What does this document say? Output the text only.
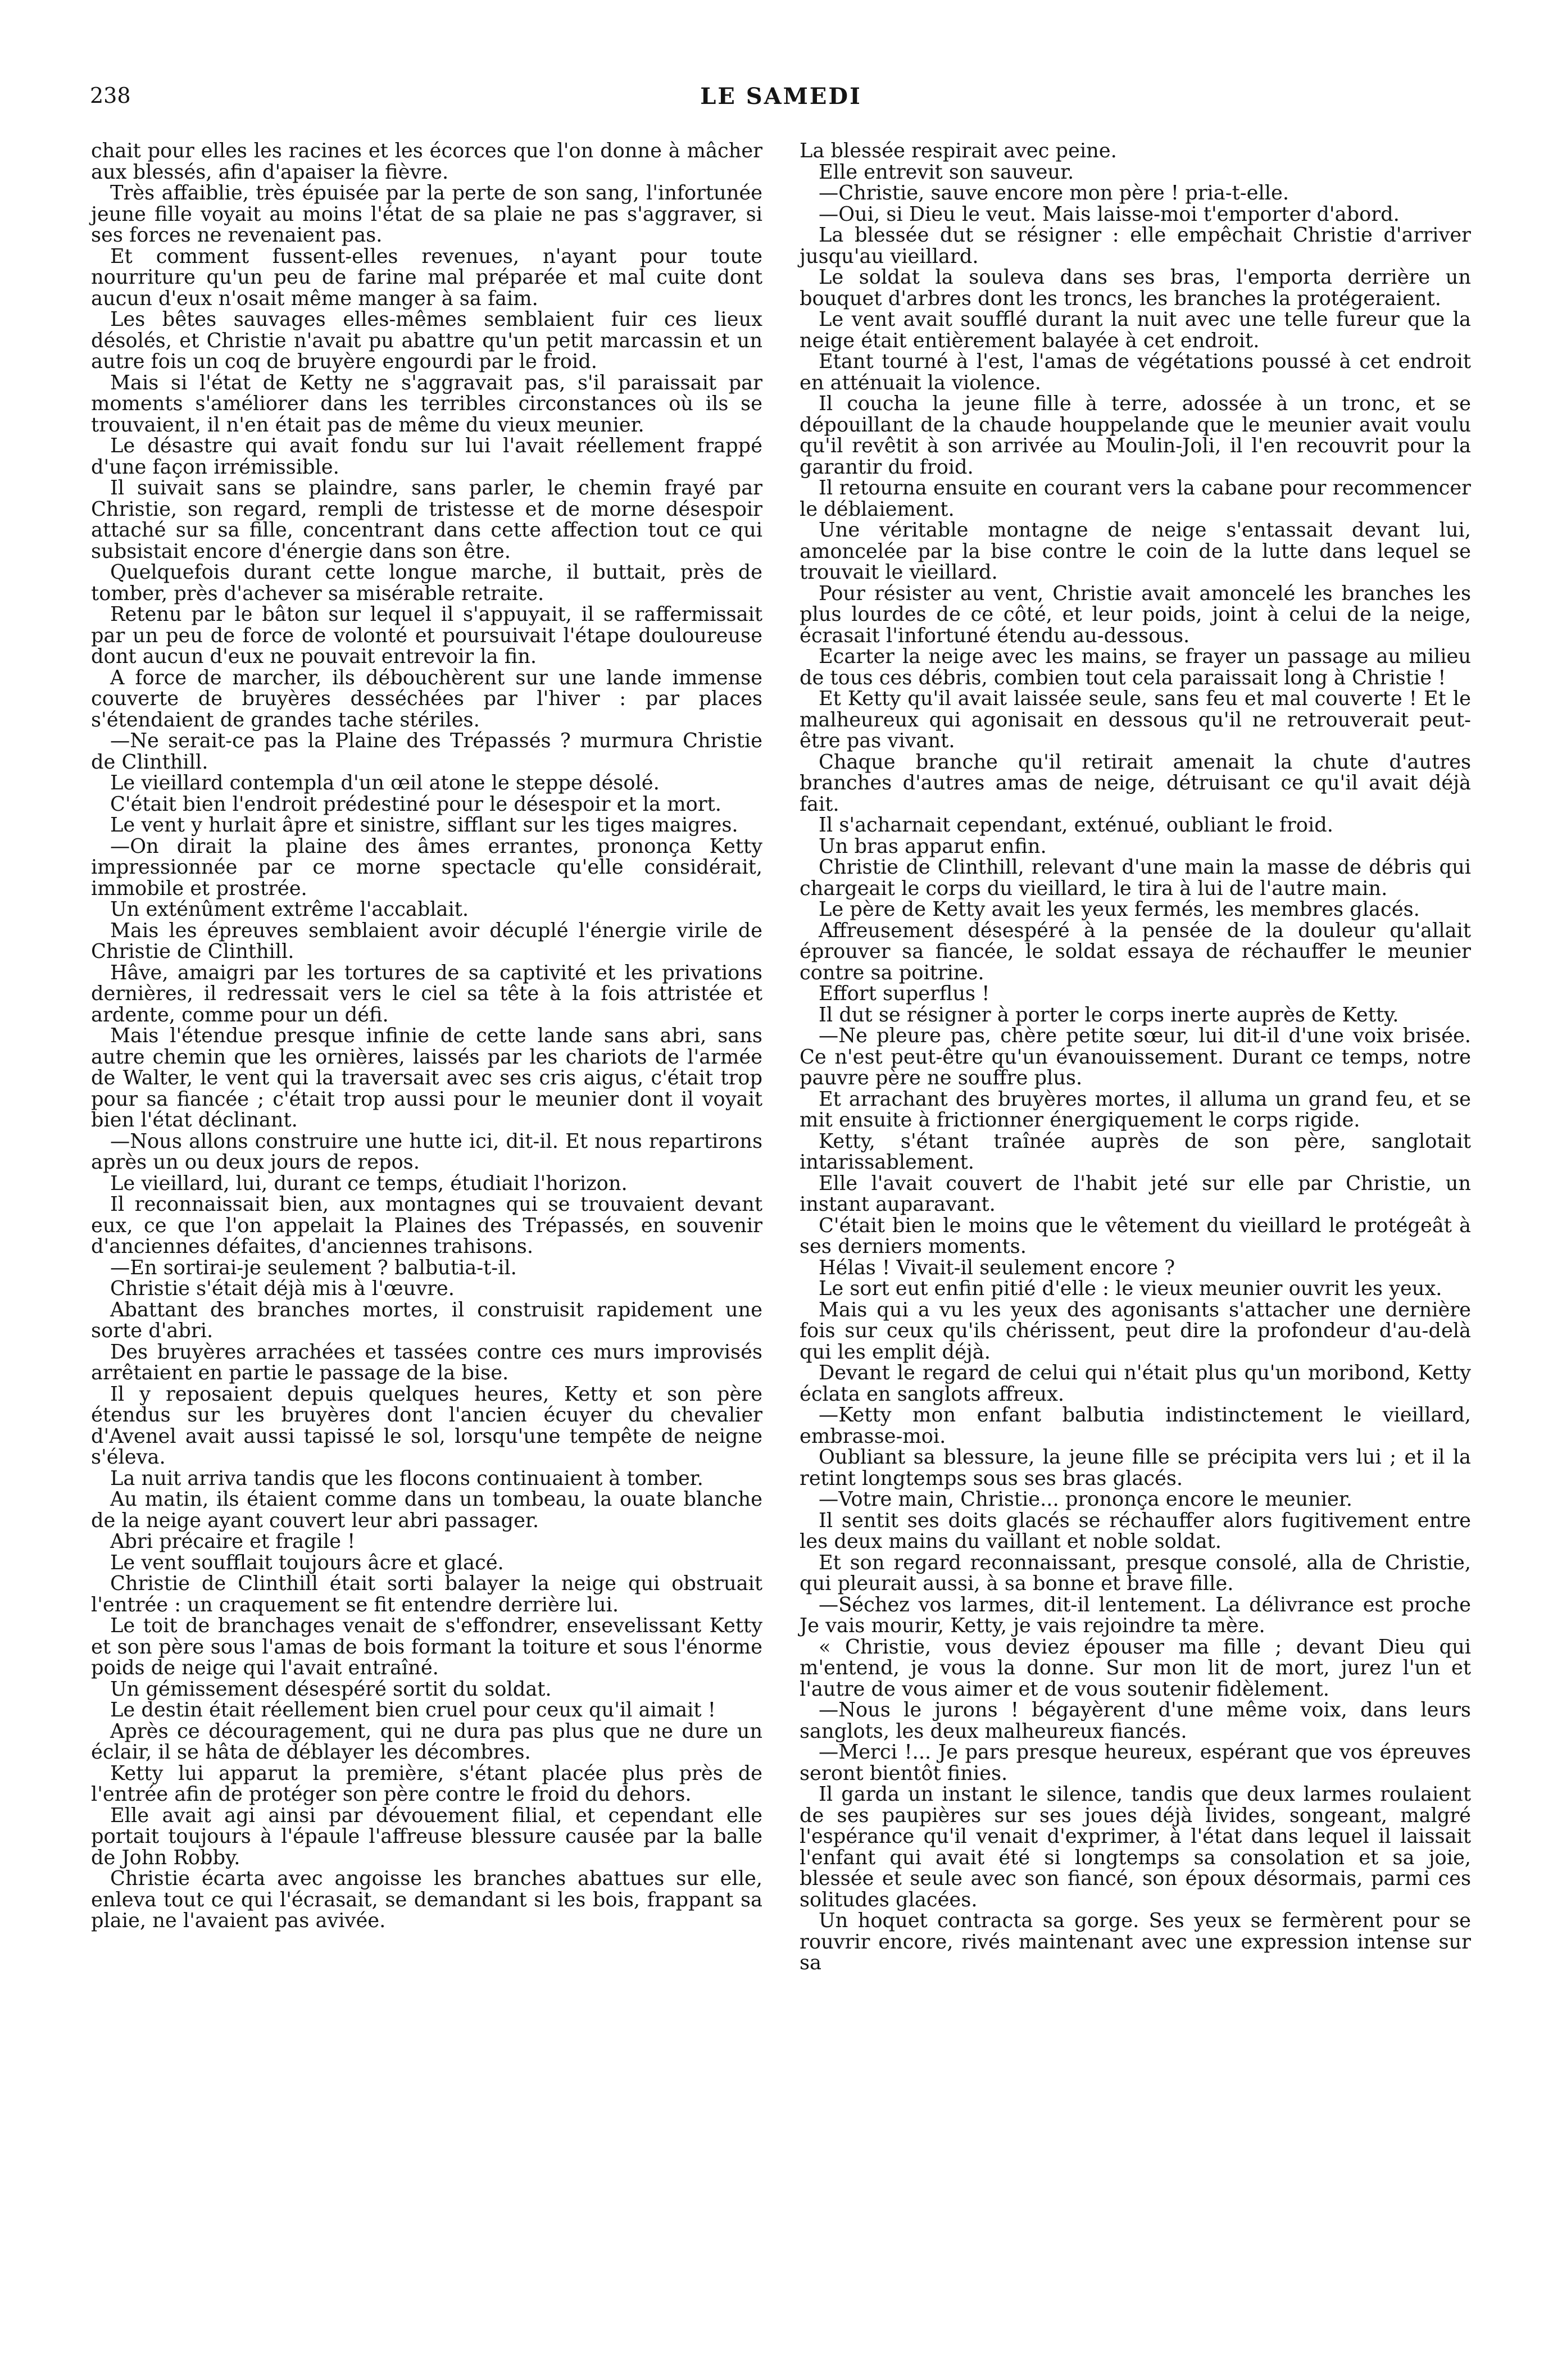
238	LE SAMEDI
chait pour elles les racines et les écorces que l'on donne à mâcher aux blessés, afin d'apaiser la fièvre.
Très affaiblie, très épuisée par la perte de son sang, l'infortunée jeune fille voyait au moins l'état de sa plaie ne pas s'aggraver, si ses forces ne revenaient pas.
Et comment fussent-elles revenues, n'ayant pour toute nourriture qu'un peu de farine mal préparée et mal cuite dont aucun d'eux n'osait même manger à sa faim.
Les bêtes sauvages elles-mêmes semblaient fuir ces lieux désolés, et Christie n'avait pu abattre qu'un petit marcassin et un autre fois un coq de bruyère engourdi par le froid.
Mais si l'état de Ketty ne s'aggravait pas, s'il paraissait par moments s'améliorer dans les terribles circonstances où ils se trouvaient, il n'en était pas de même du vieux meunier.
Le désastre qui avait fondu sur lui l'avait réellement frappé d'une façon irrémissible.
Il suivait sans se plaindre, sans parler, le chemin frayé par Christie, son regard, rempli de tristesse et de morne désespoir attaché sur sa fille, concentrant dans cette affection tout ce qui subsistait encore d'énergie dans son être.
Quelquefois durant cette longue marche, il buttait, près de tomber, près d'achever sa misérable retraite.
Retenu par le bâton sur lequel il s'appuyait, il se raffermissait par un peu de force de volonté et poursuivait l'étape douloureuse dont aucun d'eux ne pouvait entrevoir la fin.
A force de marcher, ils débouchèrent sur une lande immense couverte de bruyères desséchées par l'hiver : par places s'étendaient de grandes tache stériles.
—Ne serait-ce pas la Plaine des Trépassés ? murmura Christie de Clinthill.
Le vieillard contempla d'un œil atone le steppe désolé.
C'était bien l'endroit prédestiné pour le désespoir et la mort.
Le vent y hurlait âpre et sinistre, sifflant sur les tiges maigres.
—On dirait la plaine des âmes errantes, prononça Ketty impressionnée par ce morne spectacle qu'elle considérait, immobile et prostrée.
Un exténûment extrême l'accablait.
Mais les épreuves semblaient avoir décuplé l'énergie virile de Christie de Clinthill.
Hâve, amaigri par les tortures de sa captivité et les privations dernières, il redressait vers le ciel sa tête à la fois attristée et ardente, comme pour un défi.
Mais l'étendue presque infinie de cette lande sans abri, sans autre chemin que les ornières, laissés par les chariots de l'armée de Walter, le vent qui la traversait avec ses cris aigus, c'était trop pour sa fiancée ; c'était trop aussi pour le meunier dont il voyait bien l'état déclinant.
—Nous allons construire une hutte ici, dit-il. Et nous repartirons après un ou deux jours de repos.
Le vieillard, lui, durant ce temps, étudiait l'horizon.
Il reconnaissait bien, aux montagnes qui se trouvaient devant eux, ce que l'on appelait la Plaines des Trépassés, en souvenir d'anciennes défaites, d'anciennes trahisons.
—En sortirai-je seulement ? balbutia-t-il.
Christie s'était déjà mis à l'œuvre.
Abattant des branches mortes, il construisit rapidement une sorte d'abri.
Des bruyères arrachées et tassées contre ces murs improvisés arrêtaient en partie le passage de la bise.
Il y reposaient depuis quelques heures, Ketty et son père étendus sur les bruyères dont l'ancien écuyer du chevalier d'Avenel avait aussi tapissé le sol, lorsqu'une tempête de neigne s'éleva.
La nuit arriva tandis que les flocons continuaient à tomber.
Au matin, ils étaient comme dans un tombeau, la ouate blanche de la neige ayant couvert leur abri passager.
Abri précaire et fragile !
Le vent soufflait toujours âcre et glacé.
Christie de Clinthill était sorti balayer la neige qui obstruait l'entrée : un craquement se fit entendre derrière lui.
Le toit de branchages venait de s'effondrer, ensevelissant Ketty et son père sous l'amas de bois formant la toiture et sous l'énorme poids de neige qui l'avait entraîné.
Un gémissement désespéré sortit du soldat.
Le destin était réellement bien cruel pour ceux qu'il aimait !
Après ce découragement, qui ne dura pas plus que ne dure un éclair, il se hâta de déblayer les décombres.
Ketty lui apparut la première, s'étant placée plus près de l'entrée afin de protéger son père contre le froid du dehors.
Elle avait agi ainsi par dévouement filial, et cependant elle portait toujours à l'épaule l'affreuse blessure causée par la balle de John Robby.
Christie écarta avec angoisse les branches abattues sur elle, enleva tout ce qui l'écrasait, se demandant si les bois, frappant sa plaie, ne l'avaient pas avivée.
La blessée respirait avec peine.
Elle entrevit son sauveur.
—Christie, sauve encore mon père ! pria-t-elle.
—Oui, si Dieu le veut. Mais laisse-moi t'emporter d'abord.
La blessée dut se résigner : elle empêchait Christie d'arriver jusqu'au vieillard.
Le soldat la souleva dans ses bras, l'emporta derrière un bouquet d'arbres dont les troncs, les branches la protégeraient.
Le vent avait soufflé durant la nuit avec une telle fureur que la neige était entièrement balayée à cet endroit.
Etant tourné à l'est, l'amas de végétations poussé à cet endroit en atténuait la violence.
Il coucha la jeune fille à terre, adossée à un tronc, et se dépouillant de la chaude houppelande que le meunier avait voulu qu'il revêtit à son arrivée au Moulin-Joli, il l'en recouvrit pour la garantir du froid.
Il retourna ensuite en courant vers la cabane pour recommencer le déblaiement.
Une véritable montagne de neige s'entassait devant lui, amoncelée par la bise contre le coin de la lutte dans lequel se trouvait le vieillard.
Pour résister au vent, Christie avait amoncelé les branches les plus lourdes de ce côté, et leur poids, joint à celui de la neige, écrasait l'infortuné étendu au-dessous.
Ecarter la neige avec les mains, se frayer un passage au milieu de tous ces débris, combien tout cela paraissait long à Christie !
Et Ketty qu'il avait laissée seule, sans feu et mal couverte ! Et le malheureux qui agonisait en dessous qu'il ne retrouverait peut-être pas vivant.
Chaque branche qu'il retirait amenait la chute d'autres branches d'autres amas de neige, détruisant ce qu'il avait déjà fait.
Il s'acharnait cependant, exténué, oubliant le froid.
Un bras apparut enfin.
Christie de Clinthill, relevant d'une main la masse de débris qui chargeait le corps du vieillard, le tira à lui de l'autre main.
Le père de Ketty avait les yeux fermés, les membres glacés.
Affreusement désespéré à la pensée de la douleur qu'allait éprouver sa fiancée, le soldat essaya de réchauffer le meunier contre sa poitrine.
Effort superflus !
Il dut se résigner à porter le corps inerte auprès de Ketty.
—Ne pleure pas, chère petite sœur, lui dit-il d'une voix brisée. Ce n'est peut-être qu'un évanouissement. Durant ce temps, notre pauvre père ne souffre plus.
Et arrachant des bruyères mortes, il alluma un grand feu, et se mit ensuite à frictionner énergiquement le corps rigide.
Ketty, s'étant traînée auprès de son père, sanglotait intarissablement.
Elle l'avait couvert de l'habit jeté sur elle par Christie, un instant auparavant.
C'était bien le moins que le vêtement du vieillard le protégeât à ses derniers moments.
Hélas ! Vivait-il seulement encore ?
Le sort eut enfin pitié d'elle : le vieux meunier ouvrit les yeux.
Mais qui a vu les yeux des agonisants s'attacher une dernière fois sur ceux qu'ils chérissent, peut dire la profondeur d'au-delà qui les emplit déjà.
Devant le regard de celui qui n'était plus qu'un moribond, Ketty éclata en sanglots affreux.
—Ketty mon enfant balbutia indistinctement le vieillard, embrasse-moi.
Oubliant sa blessure, la jeune fille se précipita vers lui ; et il la retint longtemps sous ses bras glacés.
—Votre main, Christie... prononça encore le meunier.
Il sentit ses doits glacés se réchauffer alors fugitivement entre les deux mains du vaillant et noble soldat.
Et son regard reconnaissant, presque consolé, alla de Christie, qui pleurait aussi, à sa bonne et brave fille.
—Séchez vos larmes, dit-il lentement. La délivrance est proche Je vais mourir, Ketty, je vais rejoindre ta mère.
« Christie, vous deviez épouser ma fille ; devant Dieu qui m'entend, je vous la donne. Sur mon lit de mort, jurez l'un et l'autre de vous aimer et de vous soutenir fidèlement.
—Nous le jurons ! bégayèrent d'une même voix, dans leurs sanglots, les deux malheureux fiancés.
—Merci !... Je pars presque heureux, espérant que vos épreuves seront bientôt finies.
Il garda un instant le silence, tandis que deux larmes roulaient de ses paupières sur ses joues déjà livides, songeant, malgré l'espérance qu'il venait d'exprimer, à l'état dans lequel il laissait l'enfant qui avait été si longtemps sa consolation et sa joie, blessée et seule avec son fiancé, son époux désormais, parmi ces solitudes glacées.
Un hoquet contracta sa gorge. Ses yeux se fermèrent pour se rouvrir encore, rivés maintenant avec une expression intense sur sa
